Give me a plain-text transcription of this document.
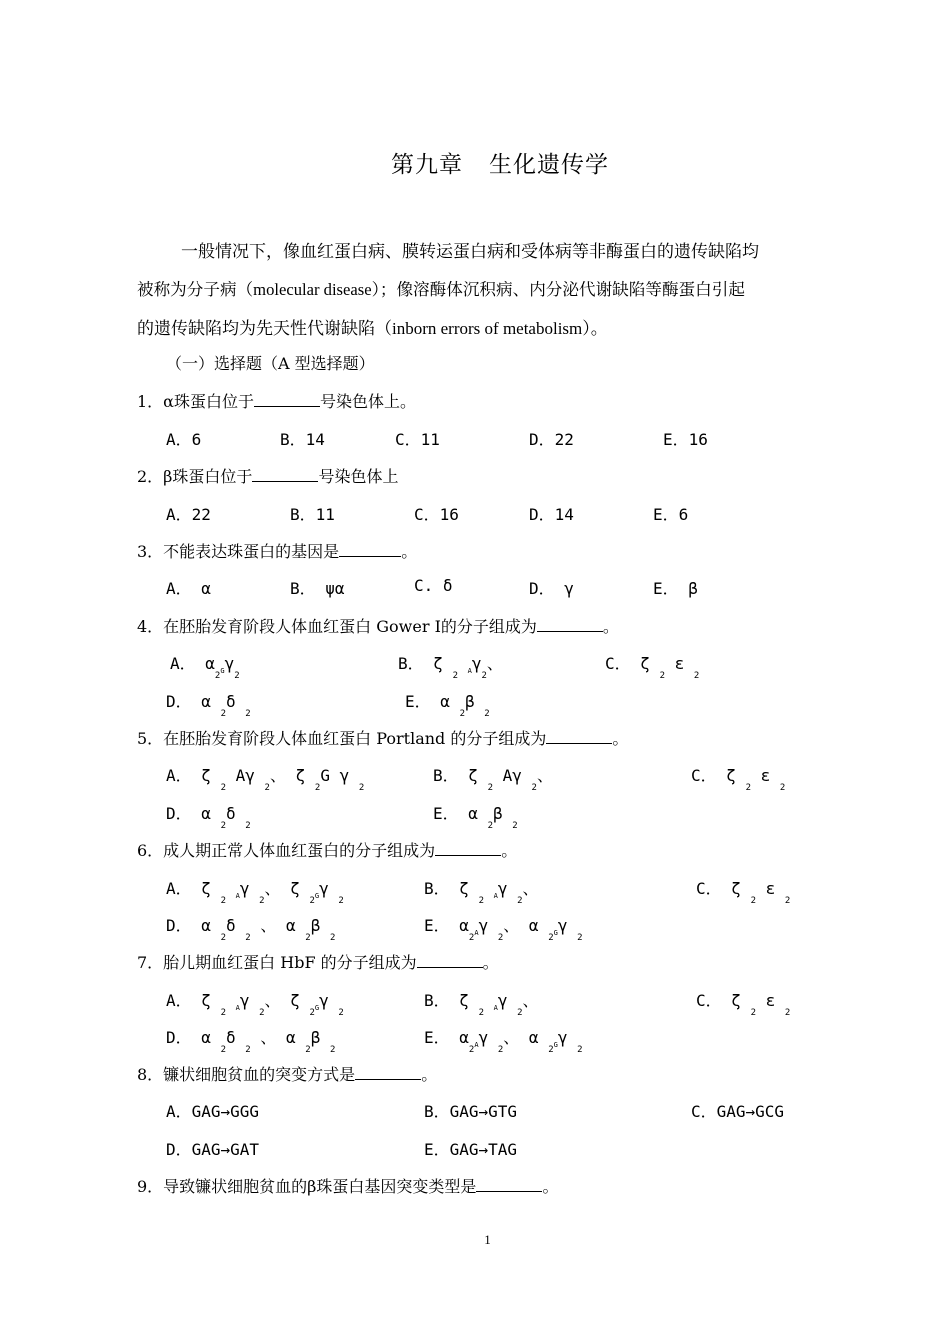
第九章 生化遗传学
一般情况下，像血红蛋白病、膜转运蛋白病和受体病等非酶蛋白的遗传缺陷均
被称为分子病（molecular disease）；像溶酶体沉积病、内分泌代谢缺陷等酶蛋白引起
的遗传缺陷均为先天性代谢缺陷（inborn errors of metabolism）。
（一）选择题（A 型选择题）
1．α珠蛋白位于	号染色体上。
A．6	B．14	C．11	D．22	E．16
2．β珠蛋白位于	号染色体上
A．22	B．11	C．16	D．14	E．6
3．不能表达珠蛋白的基因是	。
A． α	B． ψα	C. δ	D． γ	E． β
4．在胚胎发育阶段人体血红蛋白 Gower Ⅰ的分子组成为	。
A． $\alpha_{2G}\gamma_2$
B． ζ $_2$ $_A\gamma_2$、	C． ζ $_2$ ε $_2$
D． α $_2$δ $_2$
E． α $_2$β $_2$
5．在胚胎发育阶段人体血红蛋白 Portland 的分子组成为	。
A． ζ $_2$ Aγ $_2$、 ζ $_2$G γ $_2$
B． ζ $_2$ Aγ $_2$、	C． ζ $_2$ ε $_2$
D． α $_2$δ $_2$
E． α $_2$β $_2$
6．成人期正常人体血红蛋白的分子组成为	。
A． ζ $_2$ $_A$γ $_2$、 ζ $_{2G}$γ $_2$
B． ζ $_2$ $_A$γ $_2$、	C． ζ $_2$ ε $_2$
D． α $_2$δ $_2$ 、 α $_2$β $_2$
E． $\alpha_{2A}\gamma$ $_2$、 α $_{2G}$γ $_2$
7．胎儿期血红蛋白 HbF 的分子组成为	。
A． ζ $_2$ $_A$γ $_2$、 ζ $_{2G}$γ $_2$
B． ζ $_2$ $_A$γ $_2$、	C． ζ $_2$ ε $_2$
D． α $_2$δ $_2$ 、 α $_2$β $_2$
E． $\alpha_{2A}\gamma$ $_2$、 α $_{2G}$γ $_2$
8．镰状细胞贫血的突变方式是	。
A．GAG→GGG	B．GAG→GTG	C．GAG→GCG
D．GAG→GAT	E．GAG→TAG
9．导致镰状细胞贫血的β珠蛋白基因突变类型是	。
1
